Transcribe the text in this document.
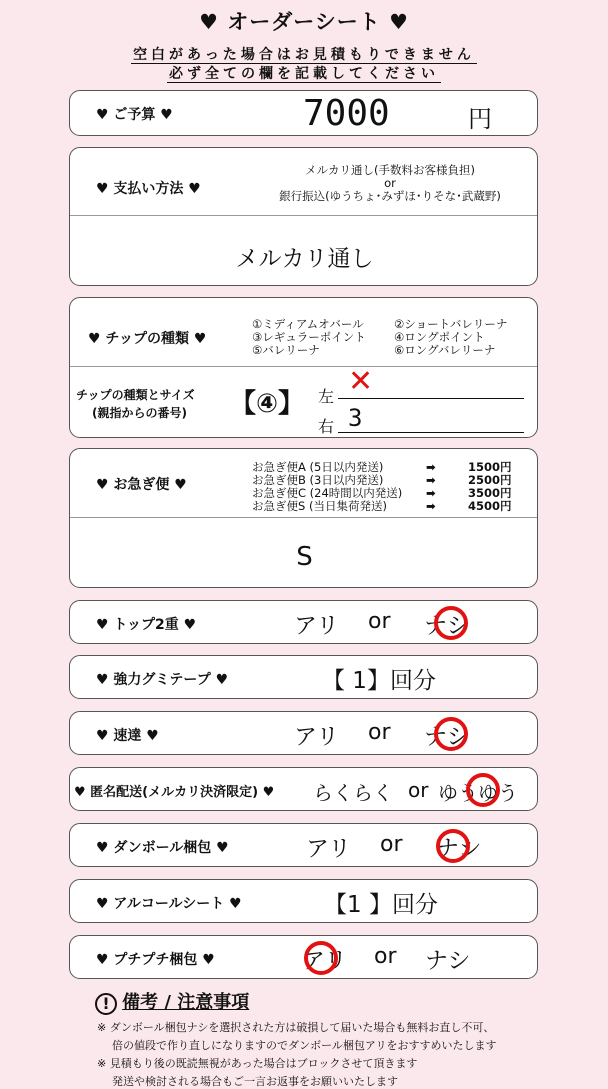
♥ オーダーシート ♥
空白があった場合はお見積もりできません
必ず全ての欄を記載してください
♥ ご予算 ♥	7000	円
♥ 支払い方法 ♥
メルカリ通し(手数料お客様負担)
or
銀行振込(ゆうちょ･みずほ･りそな･武蔵野)
メルカリ通し
♥ チップの種類 ♥
①ミディアムオバール	②ショートバレリーナ
③レギュラーポイント ④ロングポイント
⑤バレリーナ	⑥ロングバレリーナ
チップの種類とサイズ
(親指からの番号) 【④】 左 ✕
右 3
♥ お急ぎ便 ♥
お急ぎ便A (5日以内発送)	➡	1500円
お急ぎ便B (3日以内発送)	➡	2500円
お急ぎ便C (24時間以内発送) ➡	3500円
お急ぎ便S (当日集荷発送)	➡	4500円
S
♥ トップ2重 ♥	アリ or ナシ
♥ 強力グミテープ ♥	【 1】回分
♥ 速達 ♥	アリ or ナシ
♥ 匿名配送(メルカリ決済限定) ♥ らくらく or ゆうゆう
♥ ダンボール梱包 ♥	アリ or ナシ
♥ アルコールシート ♥	【1 】回分
♥ プチプチ梱包 ♥	アリ or ナシ
! 備考 / 注意事項
※ ダンボール梱包ナシを選択された方は破損して届いた場合も無料お直し不可、
倍の値段で作り直しになりますのでダンボール梱包アリをおすすめいたします
※ 見積もり後の既読無視があった場合はブロックさせて頂きます
発送や検討される場合もご一言お返事をお願いいたします
